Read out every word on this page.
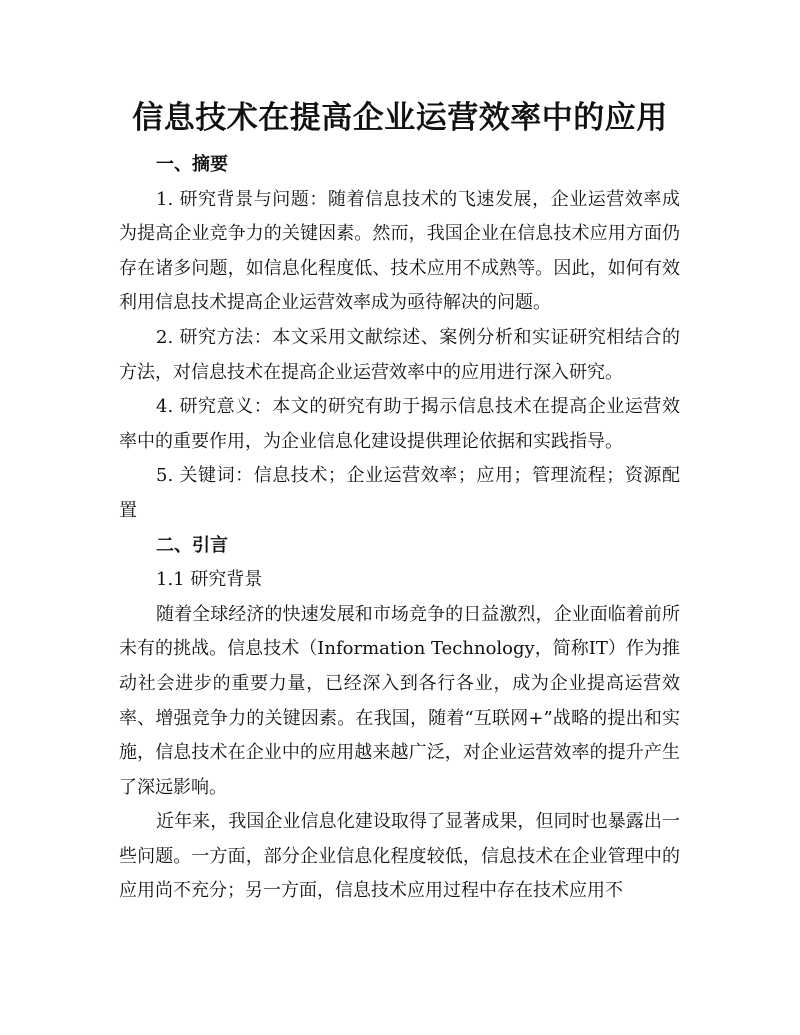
信息技术在提高企业运营效率中的应用
一、摘要

1. 研究背景与问题：随着信息技术的飞速发展，企业运营效率成为提高企业竞争力的关键因素。然而，我国企业在信息技术应用方面仍存在诸多问题，如信息化程度低、技术应用不成熟等。因此，如何有效利用信息技术提高企业运营效率成为亟待解决的问题。

2. 研究方法：本文采用文献综述、案例分析和实证研究相结合的方法，对信息技术在提高企业运营效率中的应用进行深入研究。

4. 研究意义：本文的研究有助于揭示信息技术在提高企业运营效率中的重要作用，为企业信息化建设提供理论依据和实践指导。

5. 关键词：信息技术；企业运营效率；应用；管理流程；资源配置

二、引言

1.1 研究背景

随着全球经济的快速发展和市场竞争的日益激烈，企业面临着前所未有的挑战。信息技术（Information Technology，简称IT）作为推动社会进步的重要力量，已经深入到各行各业，成为企业提高运营效率、增强竞争力的关键因素。在我国，随着“互联网+”战略的提出和实施，信息技术在企业中的应用越来越广泛，对企业运营效率的提升产生了深远影响。

近年来，我国企业信息化建设取得了显著成果，但同时也暴露出一些问题。一方面，部分企业信息化程度较低，信息技术在企业管理中的应用尚不充分；另一方面，信息技术应用过程中存在技术应用不
